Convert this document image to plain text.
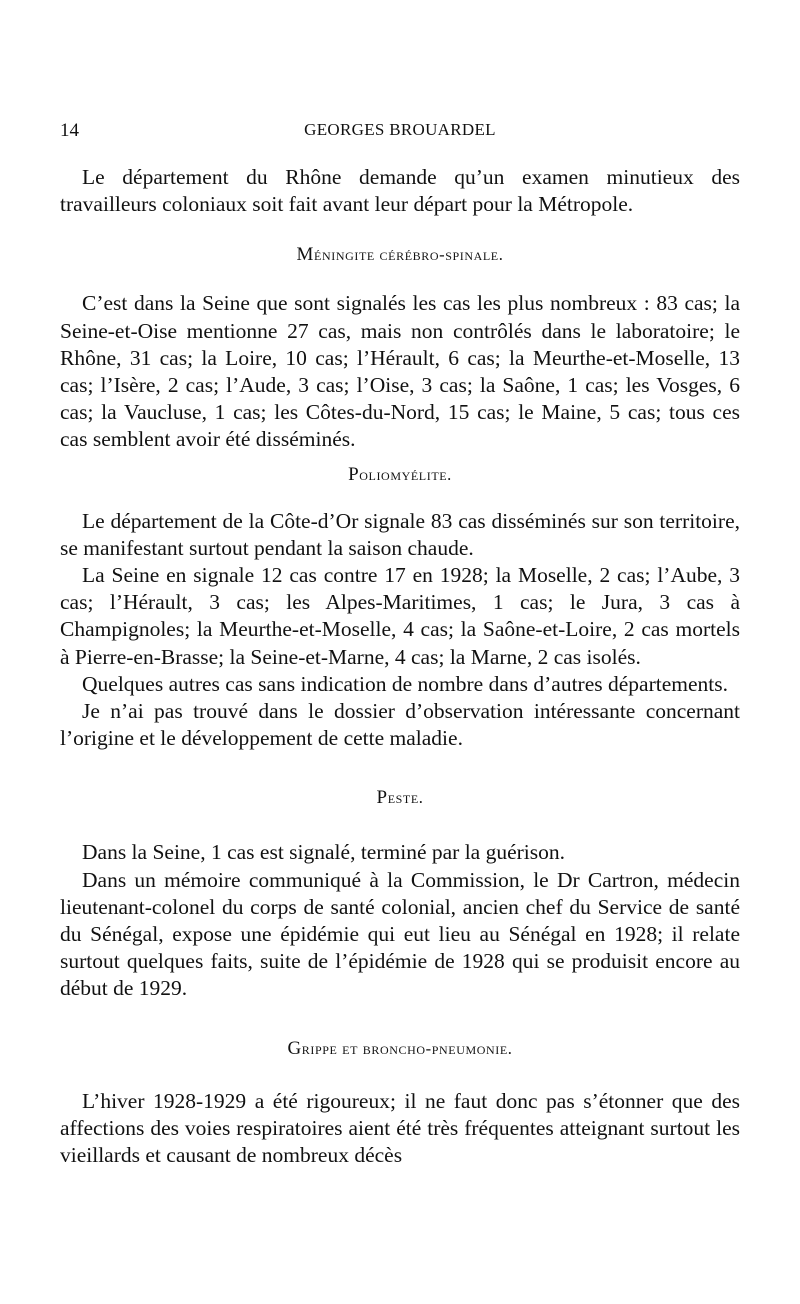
14	GEORGES BROUARDEL

Le département du Rhône demande qu’un examen minutieux des travailleurs coloniaux soit fait avant leur départ pour la Métropole.

Méningite cérébro-spinale.

C’est dans la Seine que sont signalés les cas les plus nombreux : 83 cas; la Seine-et-Oise mentionne 27 cas, mais non contrôlés dans le laboratoire; le Rhône, 31 cas; la Loire, 10 cas; l’Hérault, 6 cas; la Meurthe-et-Moselle, 13 cas; l’Isère, 2 cas; l’Aude, 3 cas; l’Oise, 3 cas; la Saône, 1 cas; les Vosges, 6 cas; la Vaucluse, 1 cas; les Côtes-du-Nord, 15 cas; le Maine, 5 cas; tous ces cas semblent avoir été disséminés.

Poliomyélite.

Le département de la Côte-d’Or signale 83 cas disséminés sur son territoire, se manifestant surtout pendant la saison chaude.

La Seine en signale 12 cas contre 17 en 1928; la Moselle, 2 cas; l’Aube, 3 cas; l’Hérault, 3 cas; les Alpes-Maritimes, 1 cas; le Jura, 3 cas à Champignoles; la Meurthe-et-Moselle, 4 cas; la Saône-et-Loire, 2 cas mortels à Pierre-en-Brasse; la Seine-et-Marne, 4 cas; la Marne, 2 cas isolés.

Quelques autres cas sans indication de nombre dans d’autres départements.

Je n’ai pas trouvé dans le dossier d’observation intéressante concernant l’origine et le développement de cette maladie.

Peste.

Dans la Seine, 1 cas est signalé, terminé par la guérison.

Dans un mémoire communiqué à la Commission, le Dr Cartron, médecin lieutenant-colonel du corps de santé colonial, ancien chef du Service de santé du Sénégal, expose une épidémie qui eut lieu au Sénégal en 1928; il relate surtout quelques faits, suite de l’épidémie de 1928 qui se produisit encore au début de 1929.

Grippe et broncho-pneumonie.

L’hiver 1928-1929 a été rigoureux; il ne faut donc pas s’étonner que des affections des voies respiratoires aient été très fréquentes atteignant surtout les vieillards et causant de nombreux décès
